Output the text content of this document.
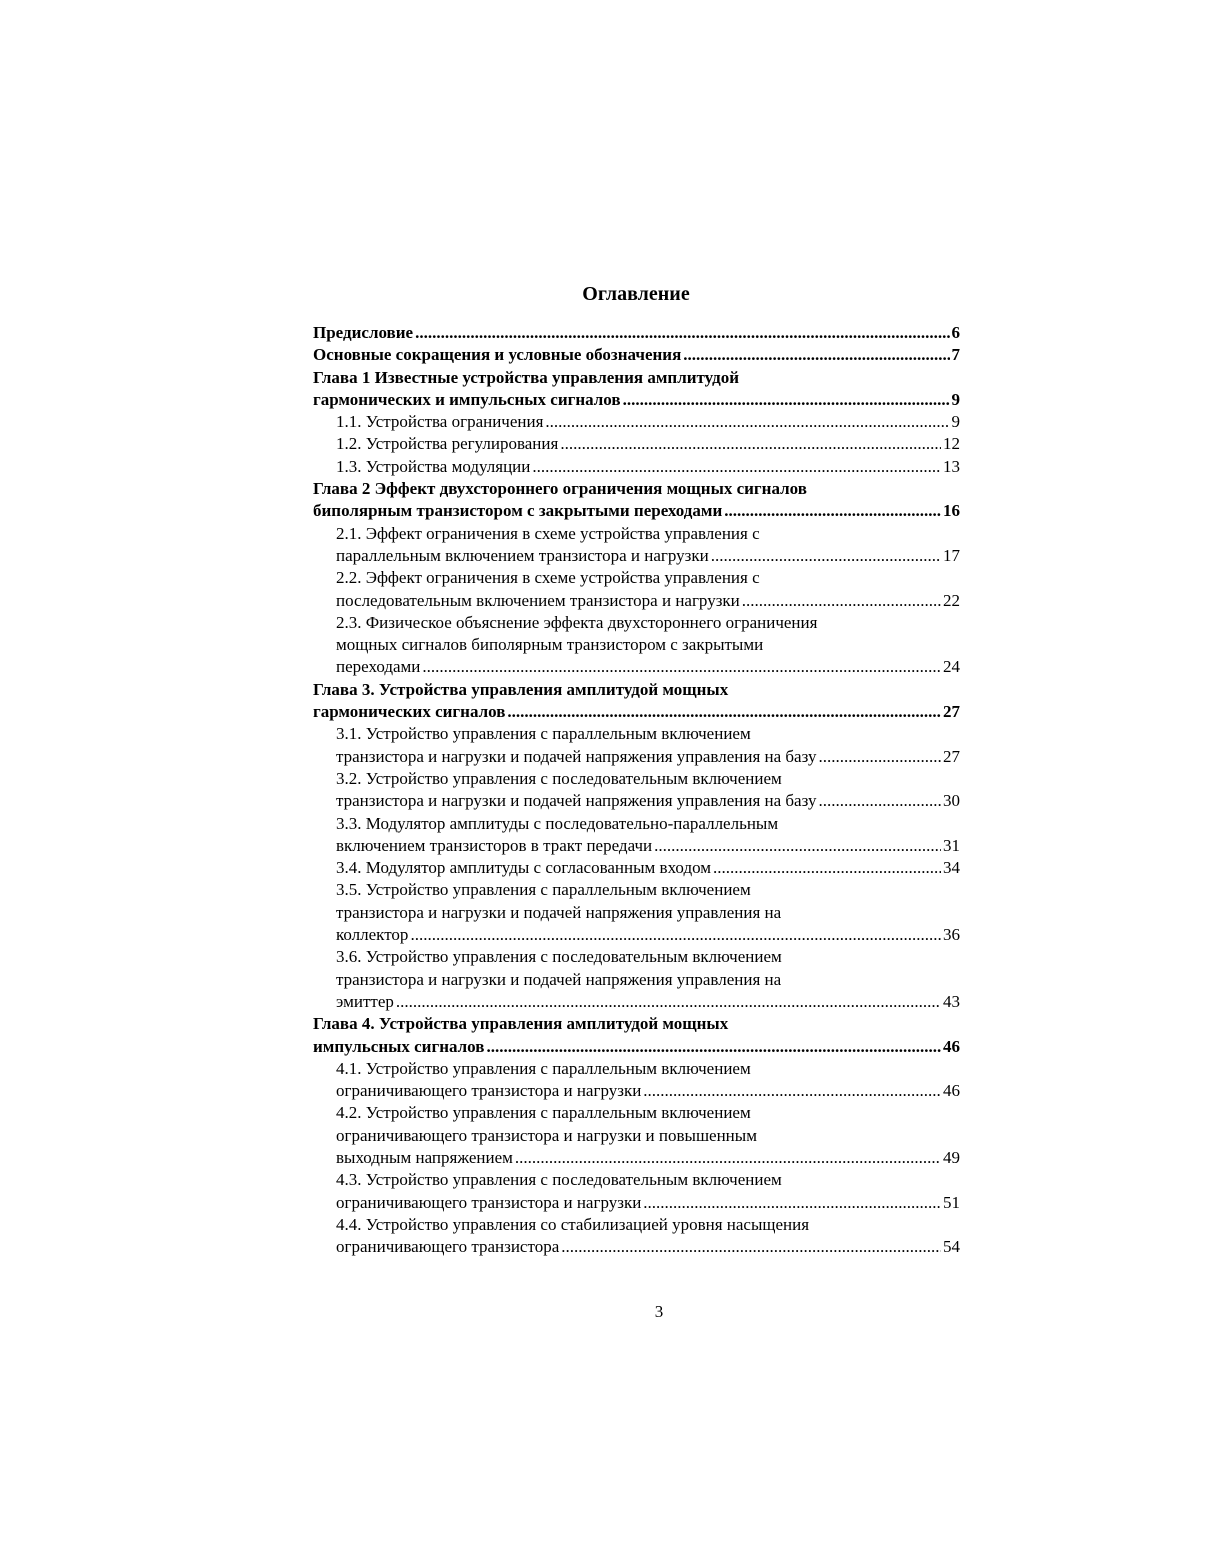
Оглавление
Предисловие .....	6
Основные сокращения и условные обозначения .....	7
Глава 1 Известные устройства управления амплитудой
гармонических и импульсных сигналов .....	9
1.1. Устройства ограничения .....	9
1.2. Устройства регулирования .....	12
1.3. Устройства модуляции .....	13
Глава 2 Эффект двухстороннего ограничения мощных сигналов
биполярным транзистором с закрытыми переходами .....	16
2.1. Эффект ограничения в схеме устройства управления с
параллельным включением транзистора и нагрузки .....	17
2.2. Эффект ограничения в схеме устройства управления с
последовательным включением транзистора и нагрузки .....	22
2.3. Физическое объяснение эффекта двухстороннего ограничения
мощных сигналов биполярным транзистором с закрытыми
переходами .....	24
Глава 3. Устройства управления амплитудой мощных
гармонических сигналов .....	27
3.1. Устройство управления с параллельным включением
транзистора и нагрузки и подачей напряжения управления на базу .....	27
3.2. Устройство управления с последовательным включением
транзистора и нагрузки и подачей напряжения управления на базу .....	30
3.3. Модулятор амплитуды с последовательно-параллельным
включением транзисторов в тракт передачи .....	31
3.4. Модулятор амплитуды с согласованным входом .....	34
3.5. Устройство управления с параллельным включением
транзистора и нагрузки и подачей напряжения управления на
коллектор .....	36
3.6. Устройство управления с последовательным включением
транзистора и нагрузки и подачей напряжения управления на
эмиттер .....	43
Глава 4. Устройства управления амплитудой мощных
импульсных сигналов .....	46
4.1. Устройство управления с параллельным включением
ограничивающего транзистора и нагрузки .....	46
4.2. Устройство управления с параллельным включением
ограничивающего транзистора и нагрузки и повышенным
выходным напряжением .....	49
4.3. Устройство управления с последовательным включением
ограничивающего транзистора и нагрузки .....	51
4.4. Устройство управления со стабилизацией уровня насыщения
ограничивающего транзистора .....	54
3
